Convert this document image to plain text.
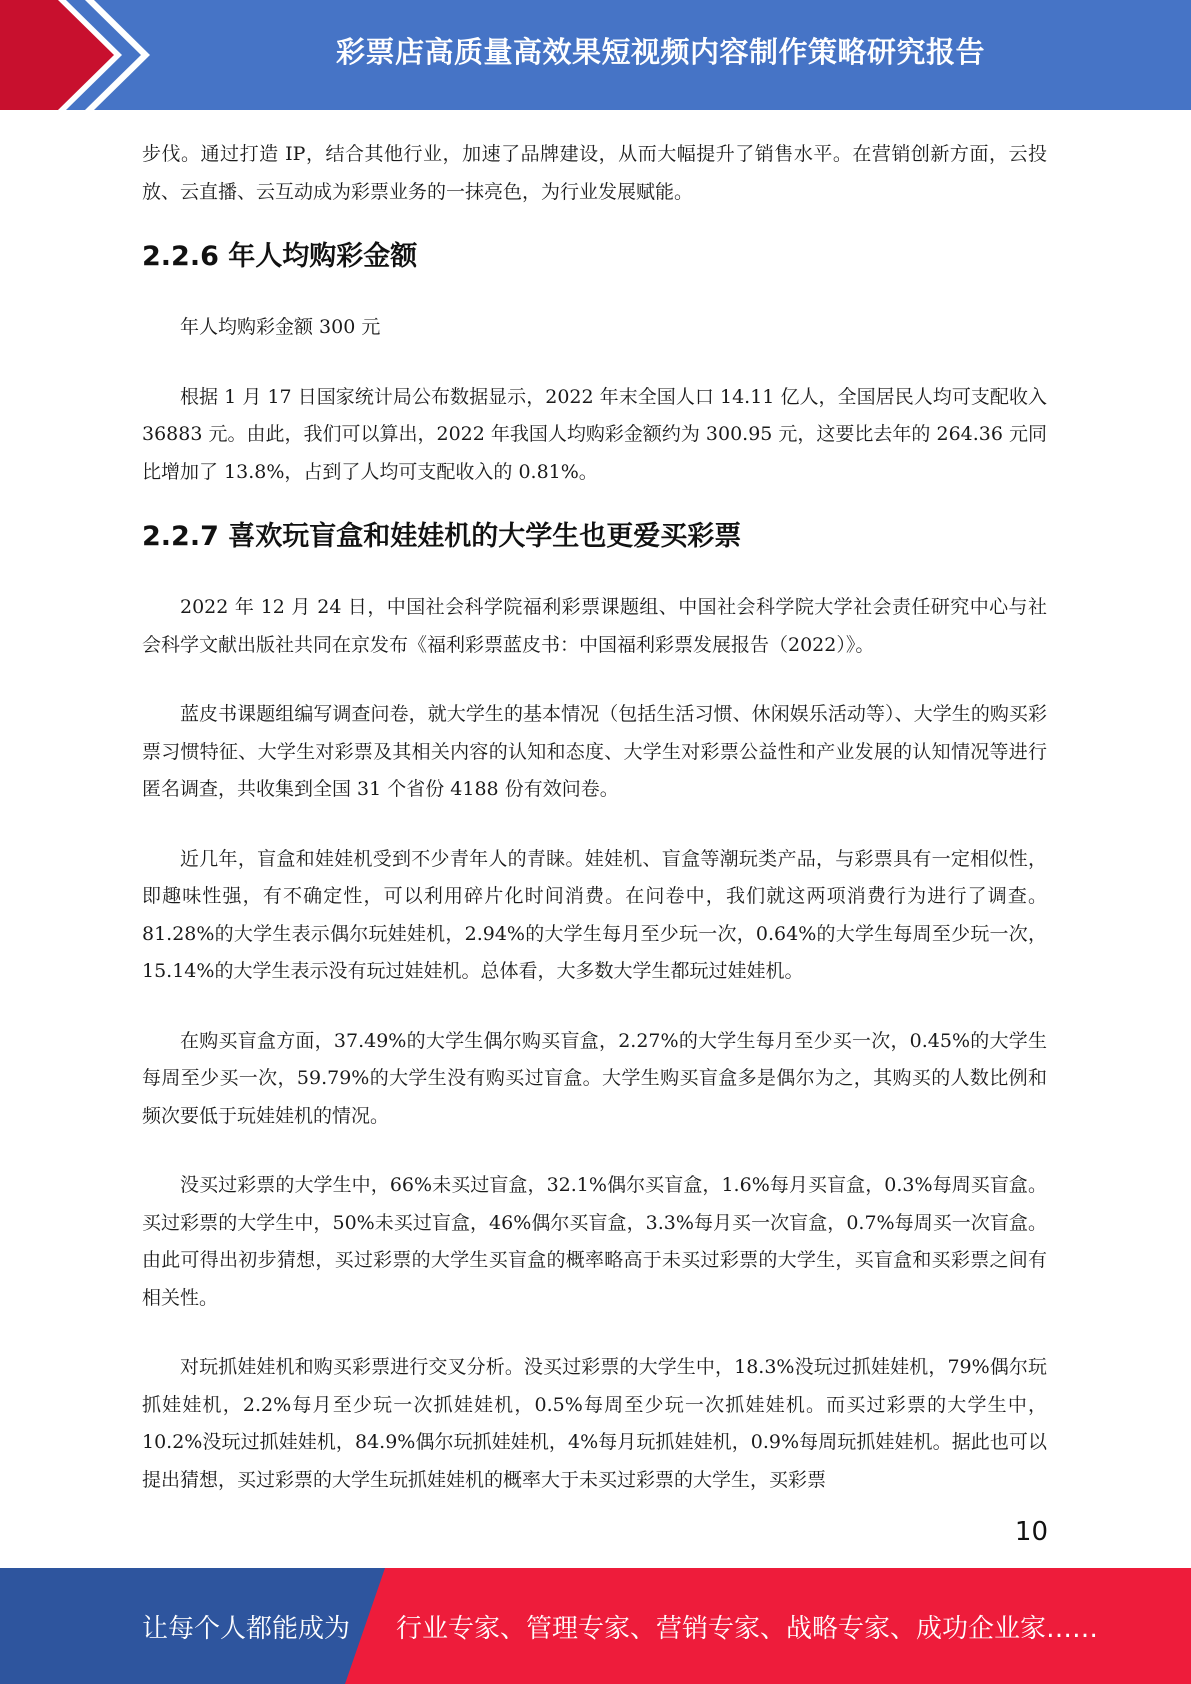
彩票店高质量高效果短视频内容制作策略研究报告

步伐。通过打造 IP，结合其他行业，加速了品牌建设，从而大幅提升了销售水平。在营销创新方面，云投放、云直播、云互动成为彩票业务的一抹亮色，为行业发展赋能。

2.2.6 年人均购彩金额

年人均购彩金额 300 元

根据 1 月 17 日国家统计局公布数据显示，2022 年末全国人口 14.11 亿人，全国居民人均可支配收入 36883 元。由此，我们可以算出，2022 年我国人均购彩金额约为 300.95 元，这要比去年的 264.36 元同比增加了 13.8%，占到了人均可支配收入的 0.81%。

2.2.7 喜欢玩盲盒和娃娃机的大学生也更爱买彩票

2022 年 12 月 24 日，中国社会科学院福利彩票课题组、中国社会科学院大学社会责任研究中心与社会科学文献出版社共同在京发布《福利彩票蓝皮书：中国福利彩票发展报告（2022）》。

蓝皮书课题组编写调查问卷，就大学生的基本情况（包括生活习惯、休闲娱乐活动等）、大学生的购买彩票习惯特征、大学生对彩票及其相关内容的认知和态度、大学生对彩票公益性和产业发展的认知情况等进行匿名调查，共收集到全国 31 个省份 4188 份有效问卷。

近几年，盲盒和娃娃机受到不少青年人的青睐。娃娃机、盲盒等潮玩类产品，与彩票具有一定相似性，即趣味性强，有不确定性，可以利用碎片化时间消费。在问卷中，我们就这两项消费行为进行了调查。81.28%的大学生表示偶尔玩娃娃机，2.94%的大学生每月至少玩一次，0.64%的大学生每周至少玩一次，15.14%的大学生表示没有玩过娃娃机。总体看，大多数大学生都玩过娃娃机。

在购买盲盒方面，37.49%的大学生偶尔购买盲盒，2.27%的大学生每月至少买一次，0.45%的大学生每周至少买一次，59.79%的大学生没有购买过盲盒。大学生购买盲盒多是偶尔为之，其购买的人数比例和频次要低于玩娃娃机的情况。

没买过彩票的大学生中，66%未买过盲盒，32.1%偶尔买盲盒，1.6%每月买盲盒，0.3%每周买盲盒。买过彩票的大学生中，50%未买过盲盒，46%偶尔买盲盒，3.3%每月买一次盲盒，0.7%每周买一次盲盒。由此可得出初步猜想，买过彩票的大学生买盲盒的概率略高于未买过彩票的大学生，买盲盒和买彩票之间有相关性。

对玩抓娃娃机和购买彩票进行交叉分析。没买过彩票的大学生中，18.3%没玩过抓娃娃机，79%偶尔玩抓娃娃机，2.2%每月至少玩一次抓娃娃机，0.5%每周至少玩一次抓娃娃机。而买过彩票的大学生中，10.2%没玩过抓娃娃机，84.9%偶尔玩抓娃娃机，4%每月玩抓娃娃机，0.9%每周玩抓娃娃机。据此也可以提出猜想，买过彩票的大学生玩抓娃娃机的概率大于未买过彩票的大学生，买彩票

10
让每个人都能成为 行业专家、管理专家、营销专家、战略专家、成功企业家……
